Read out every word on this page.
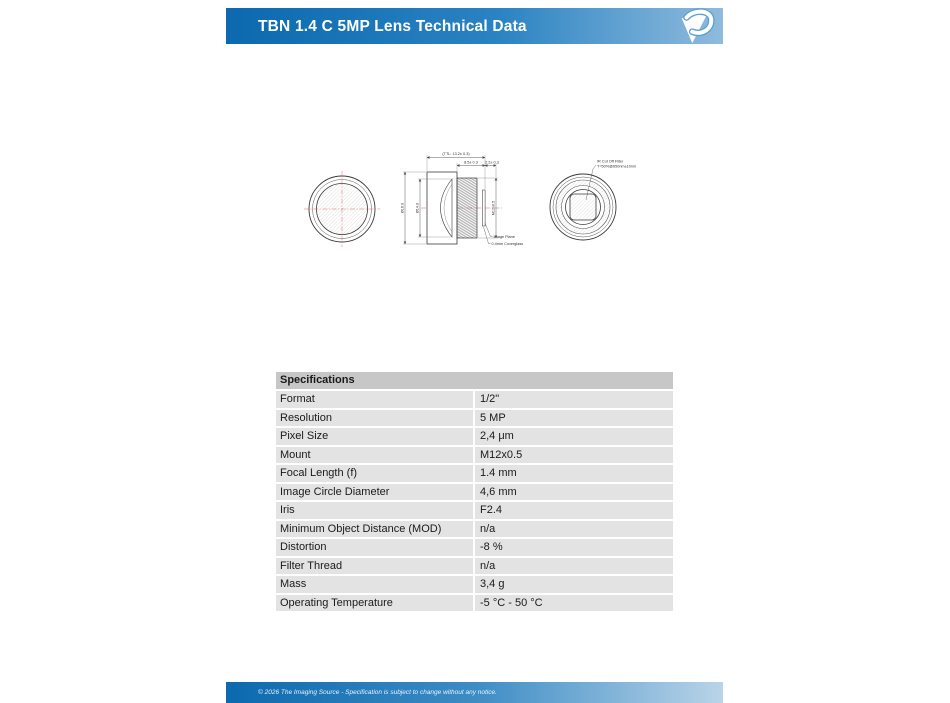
TBN 1.4 C 5MP Lens Technical Data
Ø16.0	Ø14.0	M12x0.5
(TTL: 13.2± 0.3)
8.5± 0.3 2.2± 0.3
Image Plane
0.4mm Coverglass
IR Cut Off Filter
T=50%@650nm±10nm
Specifications
Format	1/2"
Resolution	5 MP
Pixel Size	2,4 μm
Mount	M12x0.5
Focal Length (f)	1.4 mm
Image Circle Diameter	4,6 mm
Iris	F2.4
Minimum Object Distance (MOD)	n/a
Distortion	-8 %
Filter Thread	n/a
Mass	3,4 g
Operating Temperature	-5 °C - 50 °C
© 2026 The Imaging Source - Specification is subject to change without any notice.
